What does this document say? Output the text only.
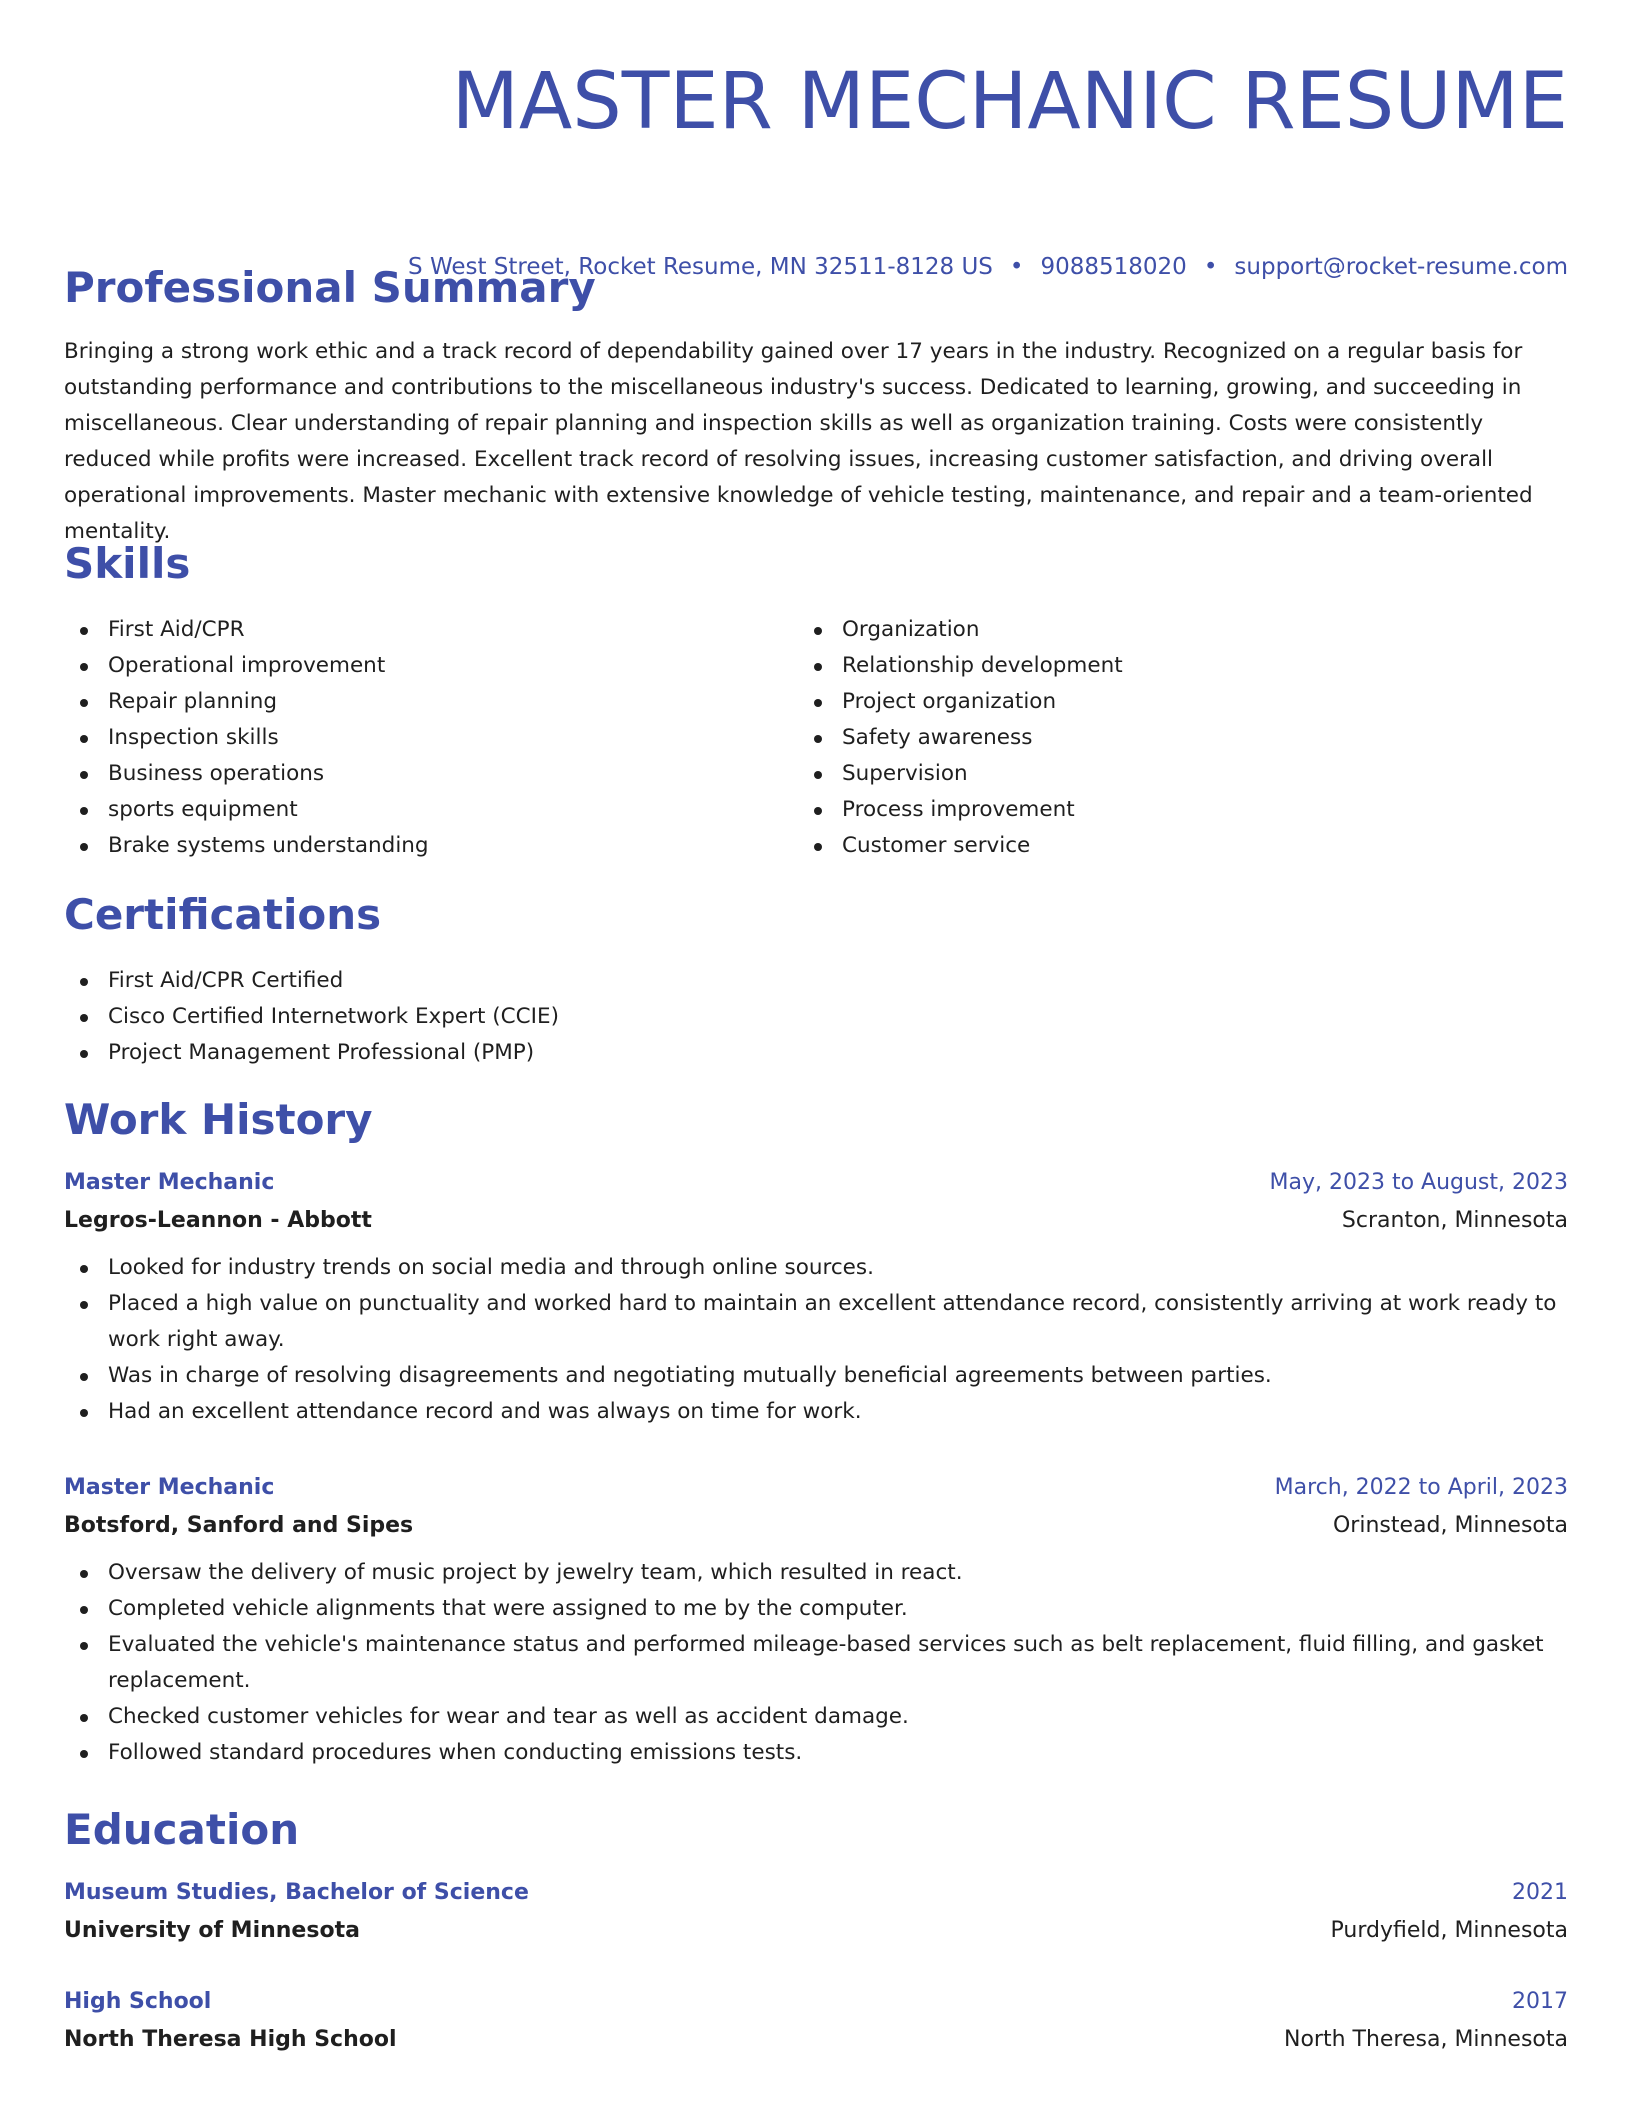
MASTER MECHANIC RESUME
S West Street, Rocket Resume, MN 32511-8128 US • 9088518020 • support@rocket-resume.com
Professional Summary

Bringing a strong work ethic and a track record of dependability gained over 17 years in the industry. Recognized on a regular basis for outstanding performance and contributions to the miscellaneous industry's success. Dedicated to learning, growing, and succeeding in miscellaneous. Clear understanding of repair planning and inspection skills as well as organization training. Costs were consistently reduced while profits were increased. Excellent track record of resolving issues, increasing customer satisfaction, and driving overall operational improvements. Master mechanic with extensive knowledge of vehicle testing, maintenance, and repair and a team-oriented mentality.

Skills
First Aid/CPR
Operational improvement
Repair planning
Inspection skills
Business operations
sports equipment
Brake systems understanding
Organization
Relationship development
Project organization
Safety awareness
Supervision
Process improvement
Customer service
Certifications
First Aid/CPR Certified
Cisco Certified Internetwork Expert (CCIE)
Project Management Professional (PMP)
Work History
Master Mechanic	May, 2023 to August, 2023
Legros-Leannon - Abbott	Scranton, Minnesota
Looked for industry trends on social media and through online sources.
Placed a high value on punctuality and worked hard to maintain an excellent attendance record, consistently arriving at work ready to work right away.
Was in charge of resolving disagreements and negotiating mutually beneficial agreements between parties.
Had an excellent attendance record and was always on time for work.
Master Mechanic	March, 2022 to April, 2023
Botsford, Sanford and Sipes	Orinstead, Minnesota
Oversaw the delivery of music project by jewelry team, which resulted in react.
Completed vehicle alignments that were assigned to me by the computer.
Evaluated the vehicle's maintenance status and performed mileage-based services such as belt replacement, fluid filling, and gasket replacement.
Checked customer vehicles for wear and tear as well as accident damage.
Followed standard procedures when conducting emissions tests.
Education
Museum Studies, Bachelor of Science	2021
University of Minnesota	Purdyfield, Minnesota
High School	2017
North Theresa High School	North Theresa, Minnesota
